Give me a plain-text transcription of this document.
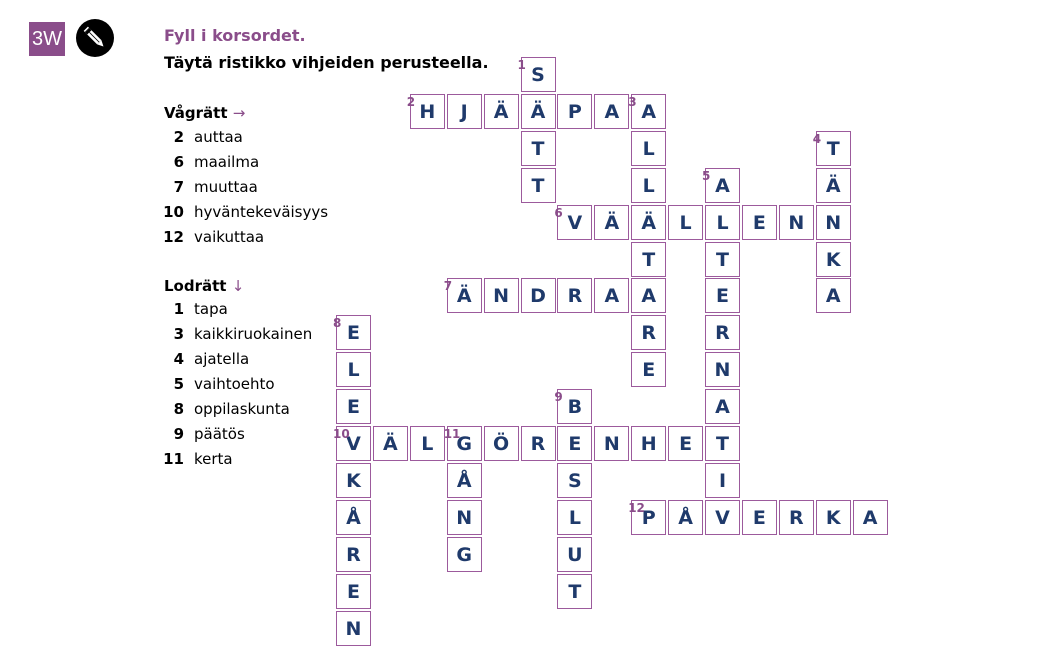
3W	Fyll i korsordet.
Täytä ristikko vihjeiden perusteella.
Vågrätt →
2 auttaa
6 maailma
7 muuttaa
10 hyväntekeväisyys
12 vaikuttaa
Lodrätt ↓
1 tapa
3 kaikkiruokainen
4 ajatella
5 vaihtoehto
8 oppilaskunta
9 päätös
11 kerta
S
Ä
T
T
H	J	Ä	P	A	A
L
L
Ä
T
A
R
E
T
Ä
N
K
A
A
L
T
E
R
N
A
T
I
V
V	Ä	L	E	N
Ä	N	D	R	A
E
L
E
V
K
Å
R
E
N
B
E
S
L
U
T
Ä	L	G	Ö	R	N	H	E
Å
N
G
P	Å	E	R	K	A
1
2	3
4
5
6
7
8
9
10	11
12
